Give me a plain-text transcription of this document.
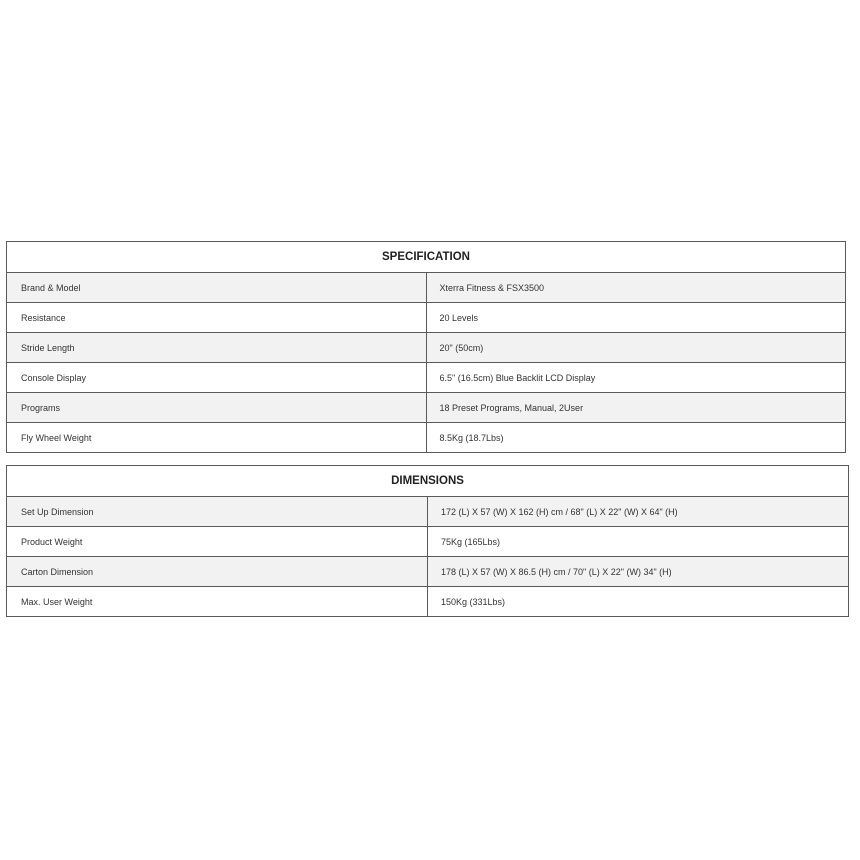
SPECIFICATION	
Brand & Model	Xterra Fitness & FSX3500
Resistance	20 Levels
Stride Length	20" (50cm)
Console Display	6.5" (16.5cm) Blue Backlit LCD Display
Programs	18 Preset Programs, Manual, 2User
Fly Wheel Weight	8.5Kg (18.7Lbs)
DIMENSIONS	
Set Up Dimension	172 (L) X 57 (W) X 162 (H) cm / 68" (L) X 22" (W) X 64" (H)
Product Weight	75Kg (165Lbs)
Carton Dimension	178 (L) X 57 (W) X 86.5 (H) cm / 70" (L) X 22" (W) 34" (H)
Max. User Weight	150Kg (331Lbs)
